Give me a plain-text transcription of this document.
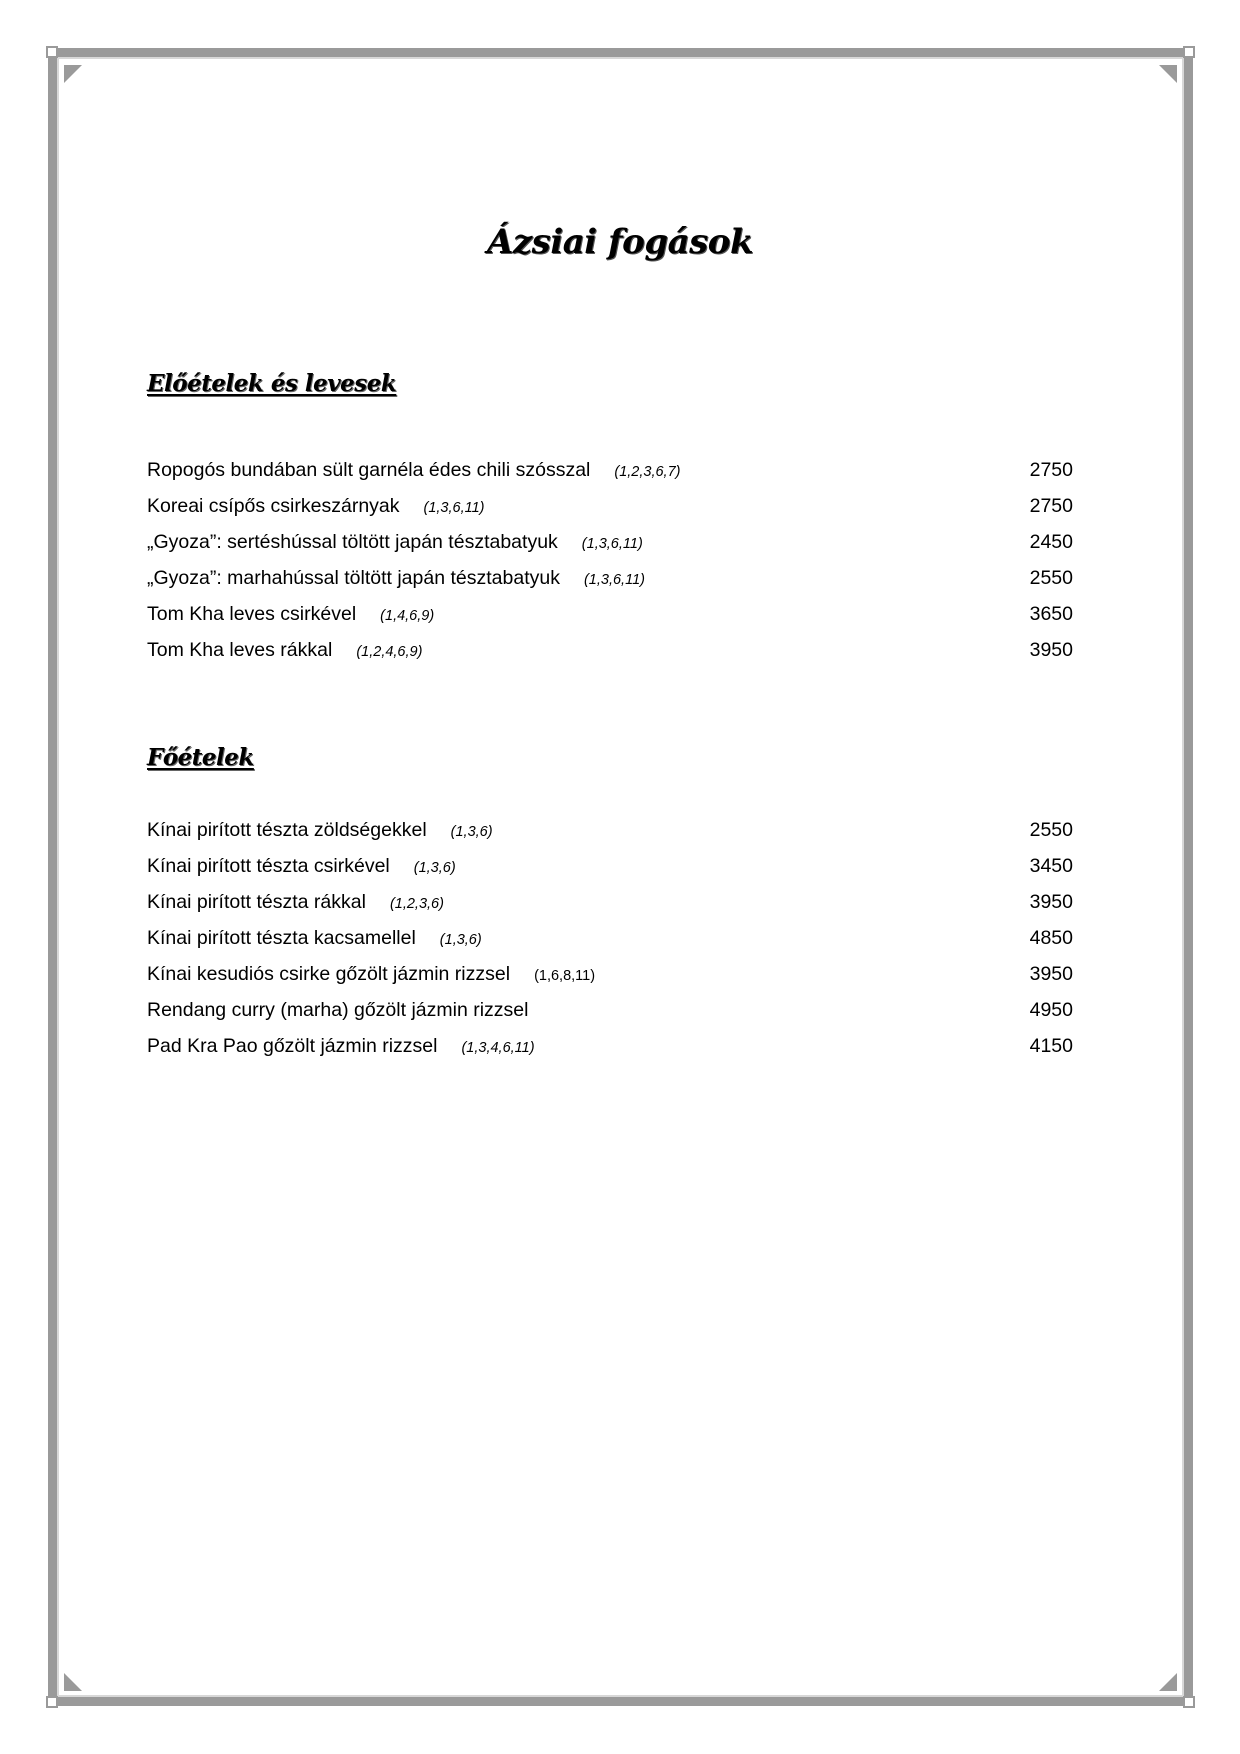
Ázsiai fogások
Előételek és levesek
Ropogós bundában sült garnéla édes chili szósszal (1,2,3,6,7)	2750
Koreai csípős csirkeszárnyak (1,3,6,11)	2750
„Gyoza”: sertéshússal töltött japán tésztabatyuk (1,3,6,11)	2450
„Gyoza”: marhahússal töltött japán tésztabatyuk (1,3,6,11)	2550
Tom Kha leves csirkével (1,4,6,9)	3650
Tom Kha leves rákkal (1,2,4,6,9)	3950
Főételek
Kínai pirított tészta zöldségekkel (1,3,6)	2550
Kínai pirított tészta csirkével (1,3,6)	3450
Kínai pirított tészta rákkal (1,2,3,6)	3950
Kínai pirított tészta kacsamellel (1,3,6)	4850
Kínai kesudiós csirke gőzölt jázmin rizzsel (1,6,8,11)	3950
Rendang curry (marha) gőzölt jázmin rizzsel	4950
Pad Kra Pao gőzölt jázmin rizzsel (1,3,4,6,11)	4150
